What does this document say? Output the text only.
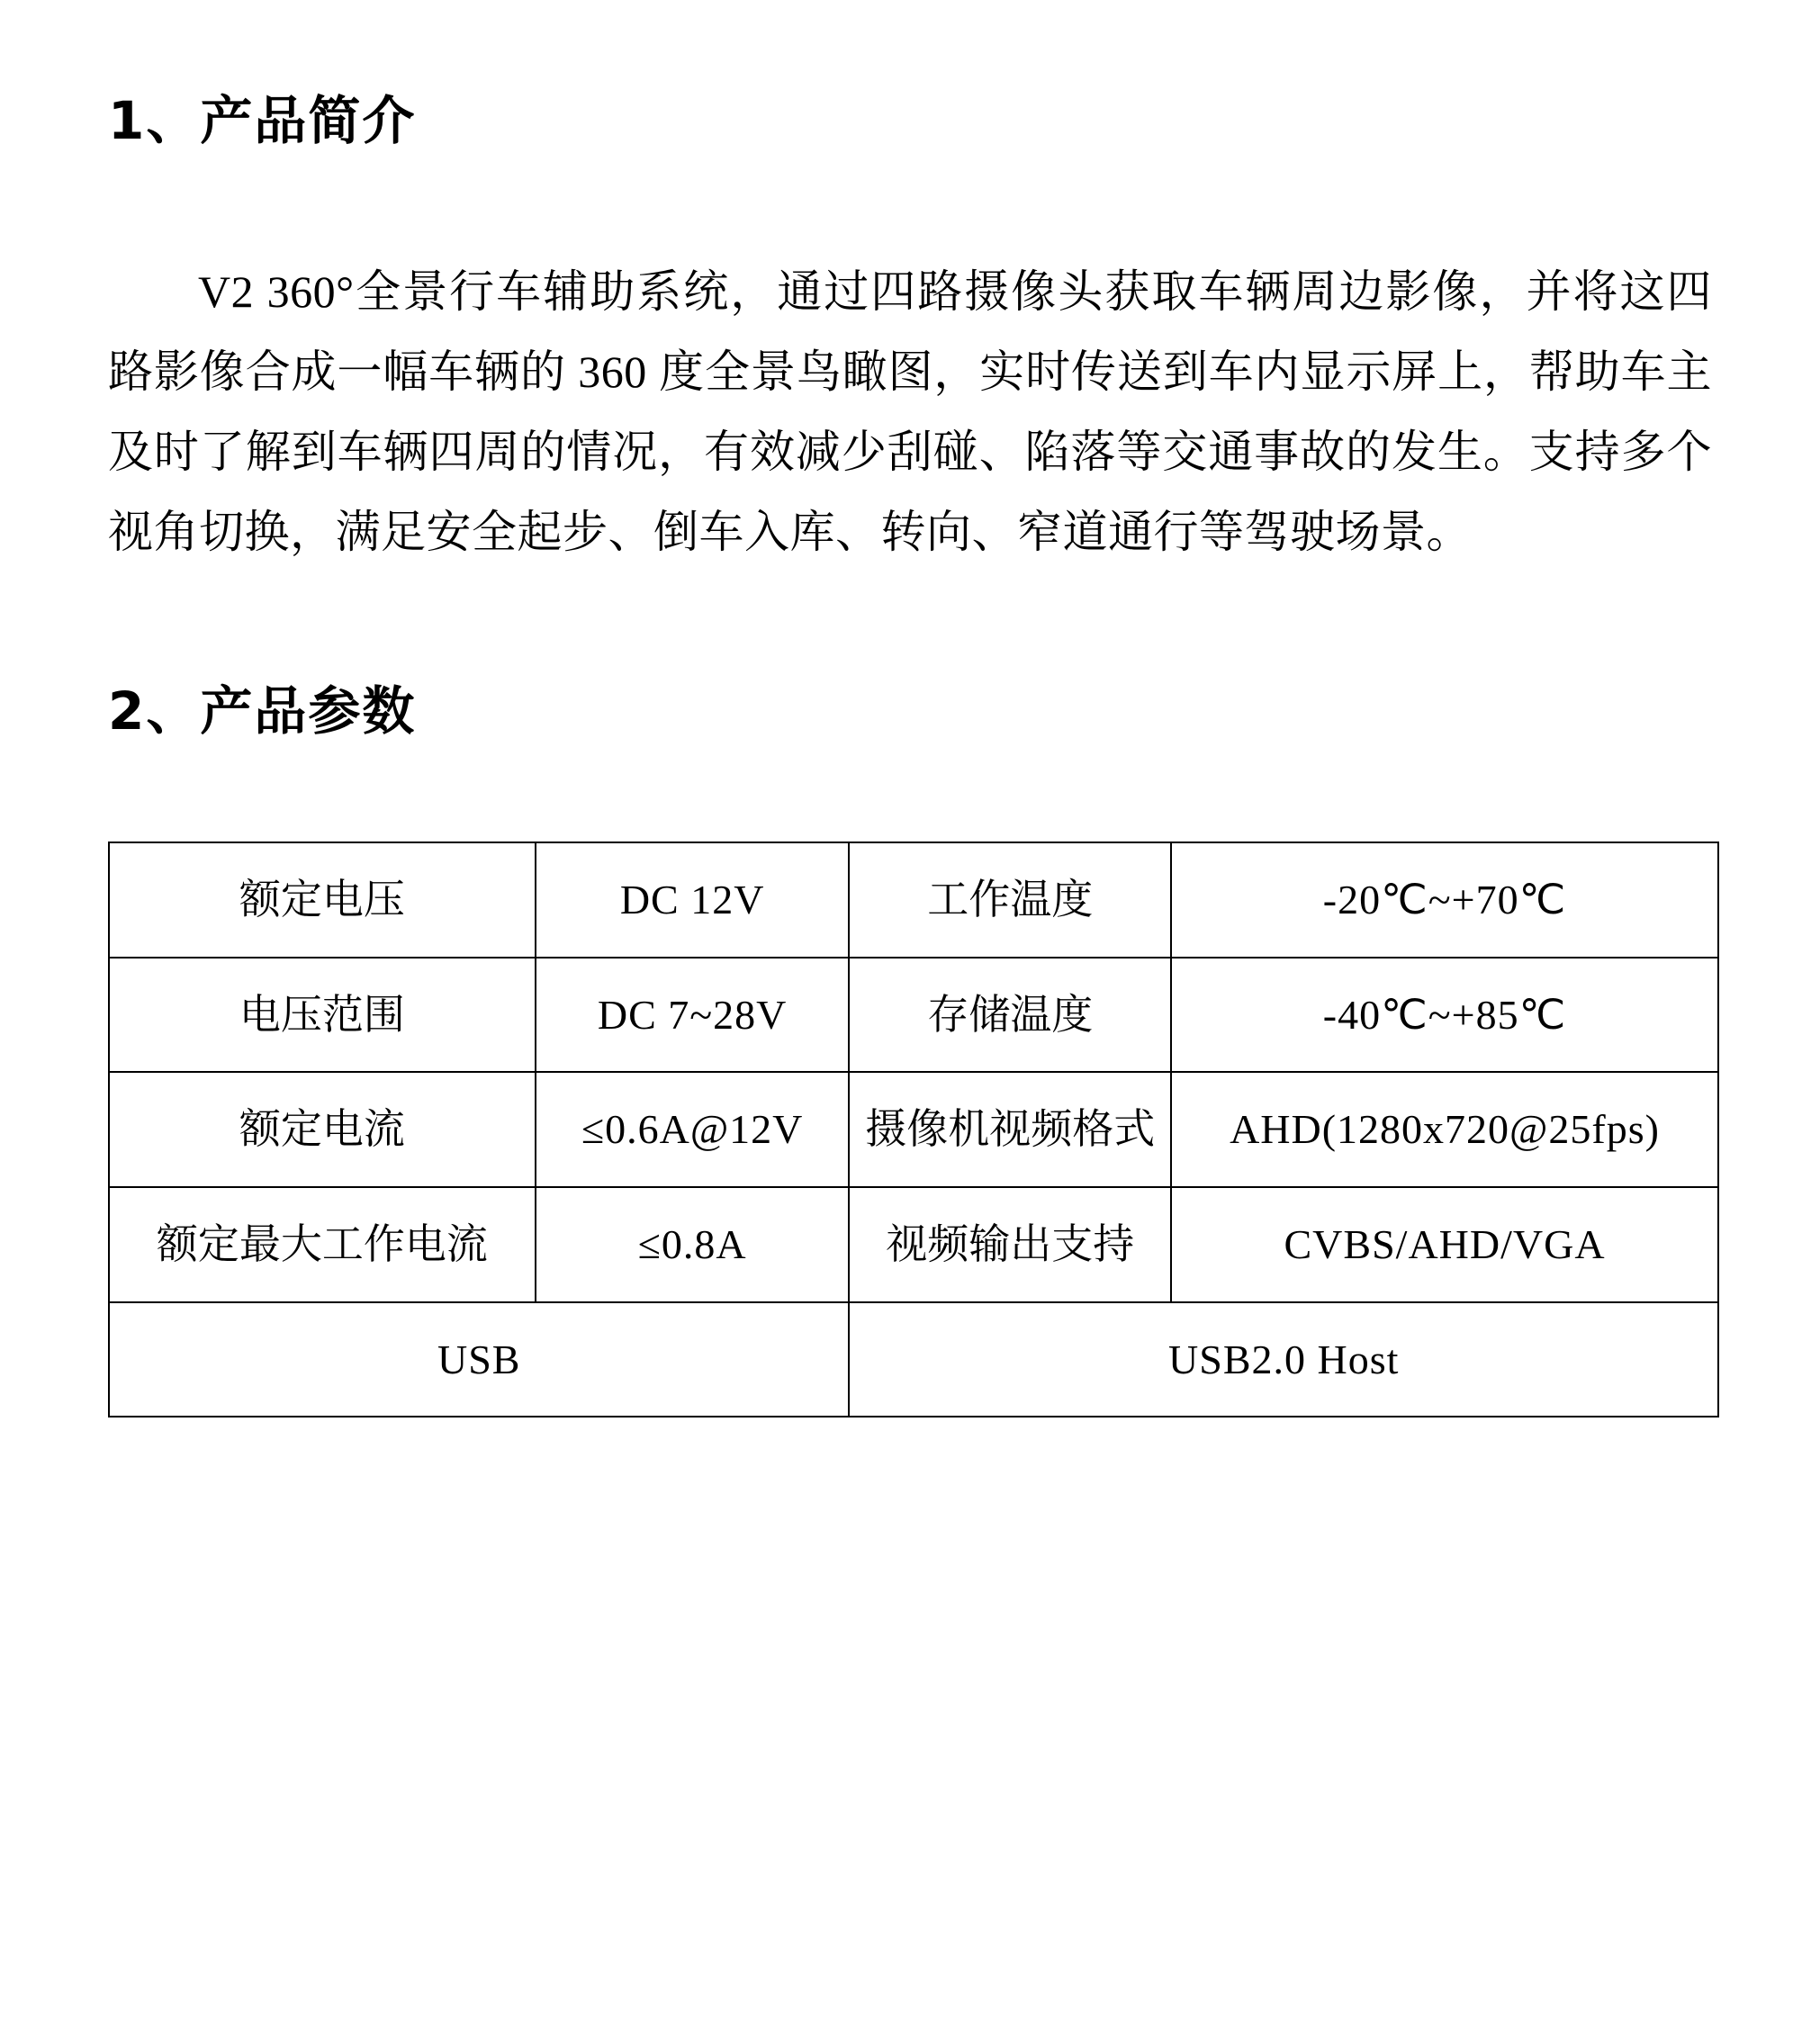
1、产品简介

V2 360°全景行车辅助系统，通过四路摄像头获取车辆周边影像，并将这四路影像合成一幅车辆的 360 度全景鸟瞰图，实时传送到车内显示屏上，帮助车主及时了解到车辆四周的情况，有效减少刮碰、陷落等交通事故的发生。支持多个视角切换，满足安全起步、倒车入库、转向、窄道通行等驾驶场景。

2、产品参数
额定电压	DC 12V	工作温度	-20℃~+70℃
电压范围	DC 7~28V	存储温度	-40℃~+85℃
额定电流	≤0.6A@12V	摄像机视频格式	AHD(1280x720@25fps)
额定最大工作电流	≤0.8A	视频输出支持	CVBS/AHD/VGA
USB		USB2.0 Host	
